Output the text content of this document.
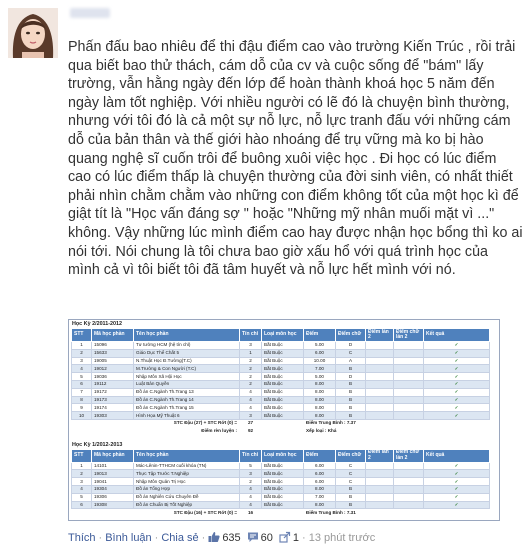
Phấn đấu bao nhiêu để thi đậu điểm cao vào trường Kiến Trúc , rồi trải qua biết bao thử thách, cám dỗ của cv và cuộc sống để "bám" lấy trường, vẫn hằng ngày đến lớp để hoàn thành khoá học 5 năm đến ngày làm tốt nghiệp. Với nhiều người có lẽ đó là chuyện bình thường, nhưng với tôi đó là cả một sự nỗ lực, nỗ lực tranh đấu với những cám dỗ của bản thân và thế giới hào nhoáng để trụ vững mà ko bị hào quang nghệ sĩ cuốn trôi để buông xuôi việc học . Đi học có lúc điểm cao có lúc điểm thấp là chuyện thường của đời sinh viên, có nhất thiết phải nhìn chằm chằm vào những con điểm không tốt của một học kì để giật tít là "Học vấn đáng sợ " hoặc "Những mỹ nhân muối mặt vì ..." không. Vậy những lúc mình điểm cao hay được nhận học bổng thì ko ai nói tới. Nói chung là tôi chưa bao giờ xấu hổ với quá trình học của mình cả vì tôi biết tôi đã tâm huyết và nỗ lực hết mình với nó.
Học Kỳ 2/2011-2012
STT	Mã học phần	Tên học phần	Tín chỉ	Loại môn học	Điểm	Điểm chữ	Điểm lần 2	Điểm chữ lần 2	Kết quả
1	15096	Tư tưởng HCM (hệ tín chỉ)	3	Bắt Buộc	5.00	D			✓
2	15633	Giáo Dục Thể Chất 5	1	Bắt Buộc	6.00	C			✓
3	19005	N.Thuật Học Đ.Tường(T.C)	2	Bắt Buộc	10.00	A			✓
4	19012	M.Trường & Con Người (T.C)	2	Bắt Buộc	7.00	B			✓
5	19036	Nhập Môn Xã Hội Học	2	Bắt Buộc	5.00	D			✓
6	19112	Luật Bản Quyền	2	Bắt Buộc	8.00	B			✓
7	19172	Đồ án C.Ngành Th.Trang 13	4	Bắt Buộc	8.00	B			✓
8	19173	Đồ án C.Ngành Th.Trang 14	4	Bắt Buộc	8.00	B			✓
9	19174	Đồ án C.Ngành Th.Trang 15	4	Bắt Buộc	8.00	B			✓
10	19303	Hình Họa Mỹ Thuật 6	3	Bắt Buộc	8.00	B			✓
		STC Đậu (27) + STC Rớt (0) =	27		Điểm Trung Bình : 7.37				
		Điểm rèn luyện :	92		Xếp loại : Khá				
Học Kỳ 1/2012-2013
STT	Mã học phần	Tên học phần	Tín chỉ	Loại môn học	Điểm	Điểm chữ	Điểm lần 2	Điểm chữ lần 2	Kết quả
1	14101	Mác-Lênin-TTHCM cuối khóa (TN)	5	Bắt Buộc	6.00	C			✓
2	19013	Thực Tập Trước T.Nghiệp	3	Bắt Buộc	6.00	C			✓
3	19041	Nhập Môn Quản Trị Học	2	Bắt Buộc	6.00	C			✓
4	19304	Đồ án Tổng Hợp	4	Bắt Buộc	8.00	B			✓
5	19306	Đồ án Nghiên Cứu Chuyên Đề	4	Bắt Buộc	7.00	B			✓
6	19308	Đồ án Chuẩn Bị Tốt Nghiệp	4	Bắt Buộc	8.00	B			✓
		STC Đậu (16) + STC Rớt (0) =	16		Điểm Trung Bình : 7.31				
Thích · Bình luận · Chia sẻ · 635 60 1 · 13 phút trước
